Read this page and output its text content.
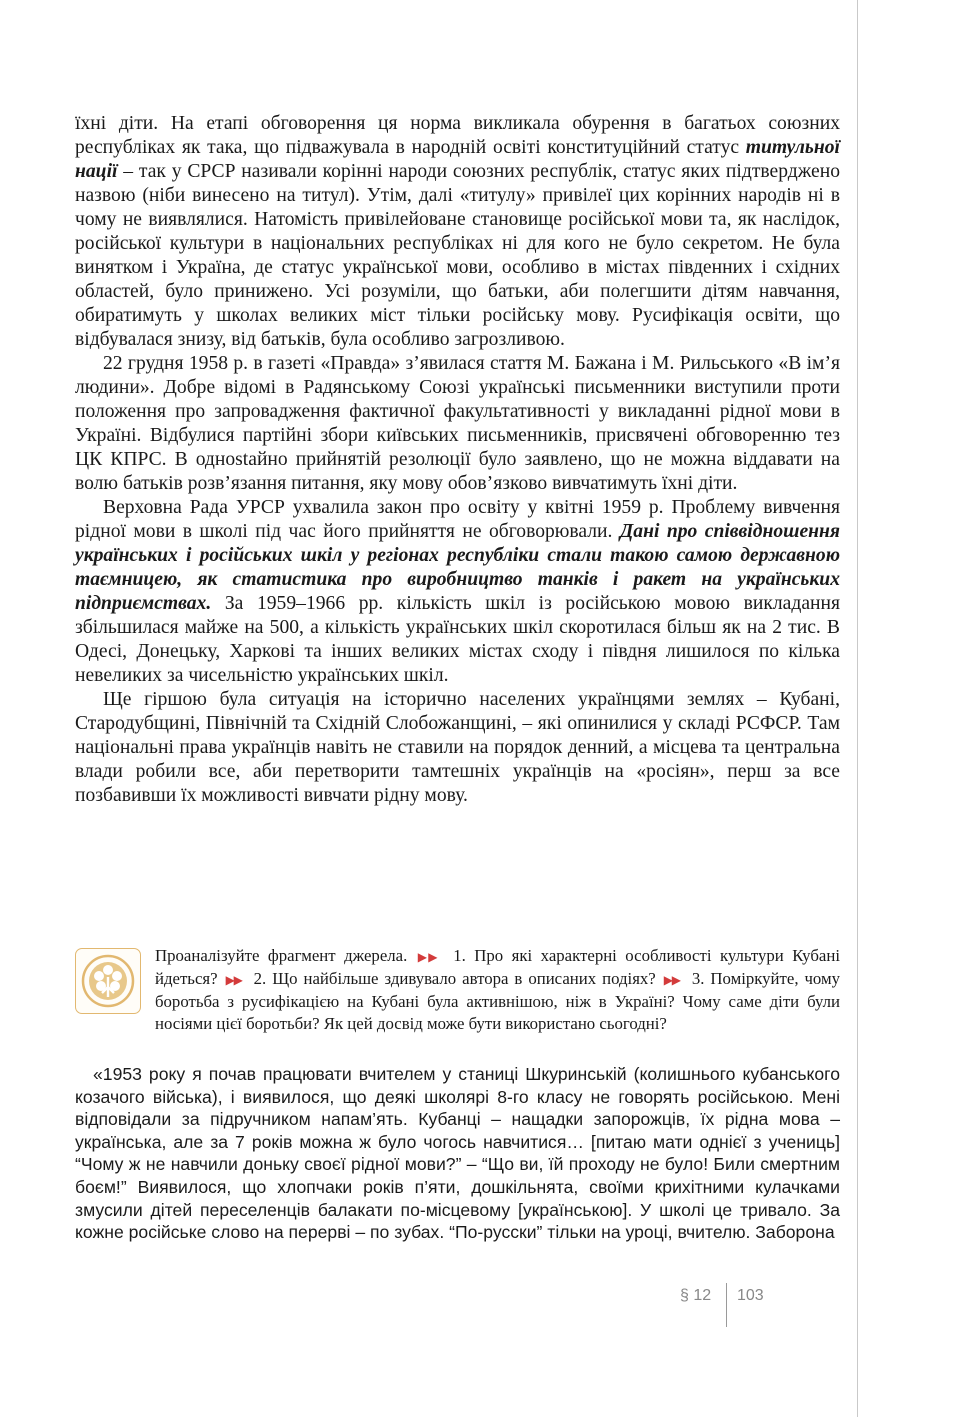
їхні діти. На етапі обговорення ця норма викликала обурення в багатьох союзних республіках як така, що підважувала в народній освіті конституційний статус титульної нації – так у СРСР називали корінні народи союзних республік, статус яких підтверджено назвою (ніби винесено на титул). Утім, далі «титулу» привілеї цих корінних народів ні в чому не виявлялися. Натомість привілейоване становище російської мови та, як наслідок, російської культури в національних республіках ні для кого не було секретом. Не була винятком і Україна, де статус української мови, особливо в містах південних і східних областей, було принижено. Усі розуміли, що батьки, аби полегшити дітям навчання, обиратимуть у школах великих міст тільки російську мову. Русифікація освіти, що відбувалася знизу, від батьків, була особливо загрозливою.

22 грудня 1958 р. в газеті «Правда» з’явилася стаття М. Бажана і М. Рильського «В ім’я людини». Добре відомі в Радянському Союзі українські письменники виступили проти положення про запровадження фактичної факультативності у викладанні рідної мови в Україні. Відбулися партійні збори київських письменників, присвячені обговоренню тез ЦК КПРС. В однostайно прийнятій резолюції було заявлено, що не можна віддавати на волю батьків розв’язання питання, яку мову обов’язково вивчатимуть їхні діти.

Верховна Рада УРСР ухвалила закон про освіту у квітні 1959 р. Проблему вивчення рідної мови в школі під час його прийняття не обговорювали. Дані про співвідношення українських і російських шкіл у регіонах республіки стали такою самою державною таємницею, як статистика про виробництво танків і ракет на українських підприємствах. За 1959–1966 рр. кількість шкіл із російською мовою викладання збільшилася майже на 500, а кількість українських шкіл скоротилася більш як на 2 тис. В Одесі, Донецьку, Харкові та інших великих містах сходу і півдня лишилося по кілька невеликих за чисельністю українських шкіл.

Ще гіршою була ситуація на історично населених українцями землях – Кубані, Стародубщині, Північній та Східній Слобожанщині, – які опинилися у складі РСФСР. Там національні права українців навіть не ставили на порядок денний, а місцева та центральна влади робили все, аби перетворити тамтешніх українців на «росіян», перш за все позбавивши їх можливості вивчати рідну мову.

Проаналізуйте фрагмент джерела. ▶▶ 1. Про які характерні особливості культури Кубані йдеться? ▶▶ 2. Що найбільше здивувало автора в описаних подіях? ▶▶ 3. Поміркуйте, чому боротьба з русифікацією на Кубані була активнішою, ніж в Україні? Чому саме діти були носіями цієї боротьби? Як цей досвід може бути використано сьогодні?

«1953 року я почав працювати вчителем у станиці Шкуринській (колишнього кубанського козачого війська), і виявилося, що деякі школярі 8-го класу не говорять російською. Мені відповідали за підручником напам’ять. Кубанці – нащадки запорожців, їх рідна мова – українська, але за 7 років можна ж було чогось навчитися… [питаю мати однієї з учениць] “Чому ж не навчили доньку своєї рідної мови?” – “Що ви, їй проходу не було! Били смертним боєм!” Виявилося, що хлопчаки років п’яти, дошкільнята, своїми крихітними кулачками змусили дітей переселенців балакати по-місцевому [українською]. У школі це тривало. За кожне російське слово на перерві – по зубах. “По-русски” тільки на уроці, вчителю. Заборона

§ 12 103
